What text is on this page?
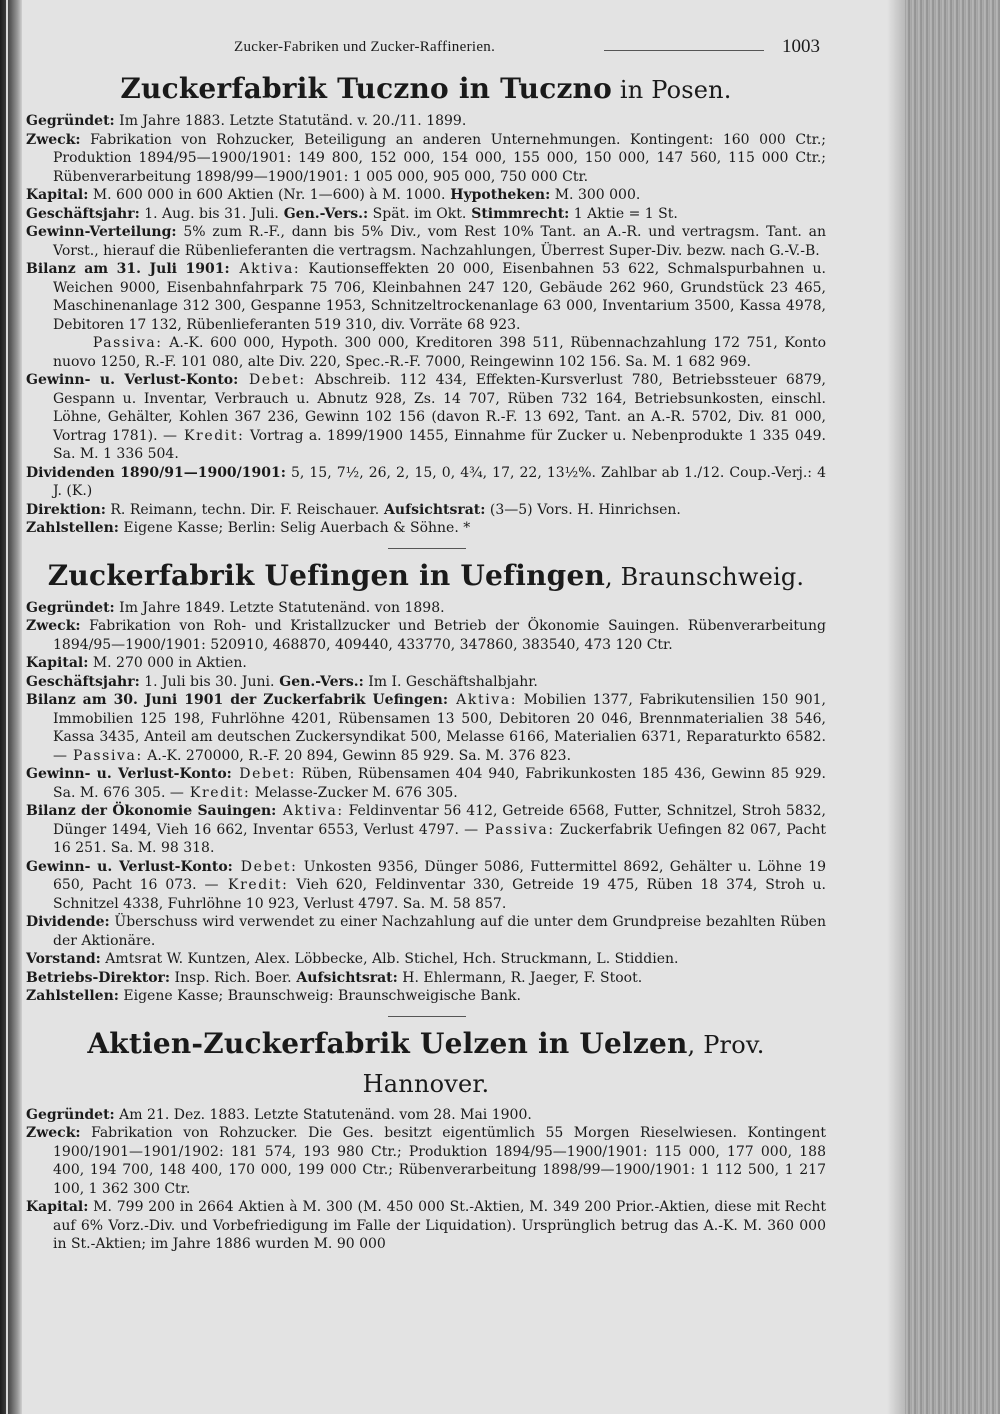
Zucker-Fabriken und Zucker-Raffinerien.	1003
Zuckerfabrik Tuczno in Tuczno in Posen.

Gegründet: Im Jahre 1883. Letzte Statutänd. v. 20./11. 1899.

Zweck: Fabrikation von Rohzucker, Beteiligung an anderen Unternehmungen. Kontingent: 160 000 Ctr.; Produktion 1894/95—1900/1901: 149 800, 152 000, 154 000, 155 000, 150 000, 147 560, 115 000 Ctr.; Rübenverarbeitung 1898/99—1900/1901: 1 005 000, 905 000, 750 000 Ctr.

Kapital: M. 600 000 in 600 Aktien (Nr. 1—600) à M. 1000. Hypotheken: M. 300 000.

Geschäftsjahr: 1. Aug. bis 31. Juli. Gen.-Vers.: Spät. im Okt. Stimmrecht: 1 Aktie = 1 St.

Gewinn-Verteilung: 5% zum R.-F., dann bis 5% Div., vom Rest 10% Tant. an A.-R. und vertragsm. Tant. an Vorst., hierauf die Rübenlieferanten die vertragsm. Nachzahlungen, Überrest Super-Div. bezw. nach G.-V.-B.

Bilanz am 31. Juli 1901: Aktiva: Kautionseffekten 20 000, Eisenbahnen 53 622, Schmalspurbahnen u. Weichen 9000, Eisenbahnfahrpark 75 706, Kleinbahnen 247 120, Gebäude 262 960, Grundstück 23 465, Maschinenanlage 312 300, Gespanne 1953, Schnitzeltrockenanlage 63 000, Inventarium 3500, Kassa 4978, Debitoren 17 132, Rübenlieferanten 519 310, div. Vorräte 68 923.

Passiva: A.-K. 600 000, Hypoth. 300 000, Kreditoren 398 511, Rübennachzahlung 172 751, Konto nuovo 1250, R.-F. 101 080, alte Div. 220, Spec.-R.-F. 7000, Reingewinn 102 156. Sa. M. 1 682 969.

Gewinn- u. Verlust-Konto: Debet: Abschreib. 112 434, Effekten-Kursverlust 780, Betriebssteuer 6879, Gespann u. Inventar, Verbrauch u. Abnutz 928, Zs. 14 707, Rüben 732 164, Betriebsunkosten, einschl. Löhne, Gehälter, Kohlen 367 236, Gewinn 102 156 (davon R.-F. 13 692, Tant. an A.-R. 5702, Div. 81 000, Vortrag 1781). — Kredit: Vortrag a. 1899/1900 1455, Einnahme für Zucker u. Nebenprodukte 1 335 049. Sa. M. 1 336 504.

Dividenden 1890/91—1900/1901: 5, 15, 7½, 26, 2, 15, 0, 4¾, 17, 22, 13½%. Zahlbar ab 1./12. Coup.-Verj.: 4 J. (K.)

Direktion: R. Reimann, techn. Dir. F. Reischauer. Aufsichtsrat: (3—5) Vors. H. Hinrichsen.

Zahlstellen: Eigene Kasse; Berlin: Selig Auerbach & Söhne. *

Zuckerfabrik Uefingen in Uefingen, Braunschweig.

Gegründet: Im Jahre 1849. Letzte Statutenänd. von 1898.

Zweck: Fabrikation von Roh- und Kristallzucker und Betrieb der Ökonomie Sauingen. Rübenverarbeitung 1894/95—1900/1901: 520910, 468870, 409440, 433770, 347860, 383540, 473 120 Ctr.

Kapital: M. 270 000 in Aktien.

Geschäftsjahr: 1. Juli bis 30. Juni. Gen.-Vers.: Im I. Geschäftshalbjahr.

Bilanz am 30. Juni 1901 der Zuckerfabrik Uefingen: Aktiva: Mobilien 1377, Fabrikutensilien 150 901, Immobilien 125 198, Fuhrlöhne 4201, Rübensamen 13 500, Debitoren 20 046, Brennmaterialien 38 546, Kassa 3435, Anteil am deutschen Zuckersyndikat 500, Melasse 6166, Materialien 6371, Reparaturkto 6582. — Passiva: A.-K. 270000, R.-F. 20 894, Gewinn 85 929. Sa. M. 376 823.

Gewinn- u. Verlust-Konto: Debet: Rüben, Rübensamen 404 940, Fabrikunkosten 185 436, Gewinn 85 929. Sa. M. 676 305. — Kredit: Melasse-Zucker M. 676 305.

Bilanz der Ökonomie Sauingen: Aktiva: Feldinventar 56 412, Getreide 6568, Futter, Schnitzel, Stroh 5832, Dünger 1494, Vieh 16 662, Inventar 6553, Verlust 4797. — Passiva: Zuckerfabrik Uefingen 82 067, Pacht 16 251. Sa. M. 98 318.

Gewinn- u. Verlust-Konto: Debet: Unkosten 9356, Dünger 5086, Futtermittel 8692, Gehälter u. Löhne 19 650, Pacht 16 073. — Kredit: Vieh 620, Feldinventar 330, Getreide 19 475, Rüben 18 374, Stroh u. Schnitzel 4338, Fuhrlöhne 10 923, Verlust 4797. Sa. M. 58 857.

Dividende: Überschuss wird verwendet zu einer Nachzahlung auf die unter dem Grundpreise bezahlten Rüben der Aktionäre.

Vorstand: Amtsrat W. Kuntzen, Alex. Löbbecke, Alb. Stichel, Hch. Struckmann, L. Stiddien.

Betriebs-Direktor: Insp. Rich. Boer. Aufsichtsrat: H. Ehlermann, R. Jaeger, F. Stoot.

Zahlstellen: Eigene Kasse; Braunschweig: Braunschweigische Bank.

Aktien-Zuckerfabrik Uelzen in Uelzen, Prov. Hannover.

Gegründet: Am 21. Dez. 1883. Letzte Statutenänd. vom 28. Mai 1900.

Zweck: Fabrikation von Rohzucker. Die Ges. besitzt eigentümlich 55 Morgen Rieselwiesen. Kontingent 1900/1901—1901/1902: 181 574, 193 980 Ctr.; Produktion 1894/95—1900/1901: 115 000, 177 000, 188 400, 194 700, 148 400, 170 000, 199 000 Ctr.; Rübenverarbeitung 1898/99—1900/1901: 1 112 500, 1 217 100, 1 362 300 Ctr.

Kapital: M. 799 200 in 2664 Aktien à M. 300 (M. 450 000 St.-Aktien, M. 349 200 Prior.-Aktien, diese mit Recht auf 6% Vorz.-Div. und Vorbefriedigung im Falle der Liquidation). Ursprünglich betrug das A.-K. M. 360 000 in St.-Aktien; im Jahre 1886 wurden M. 90 000
